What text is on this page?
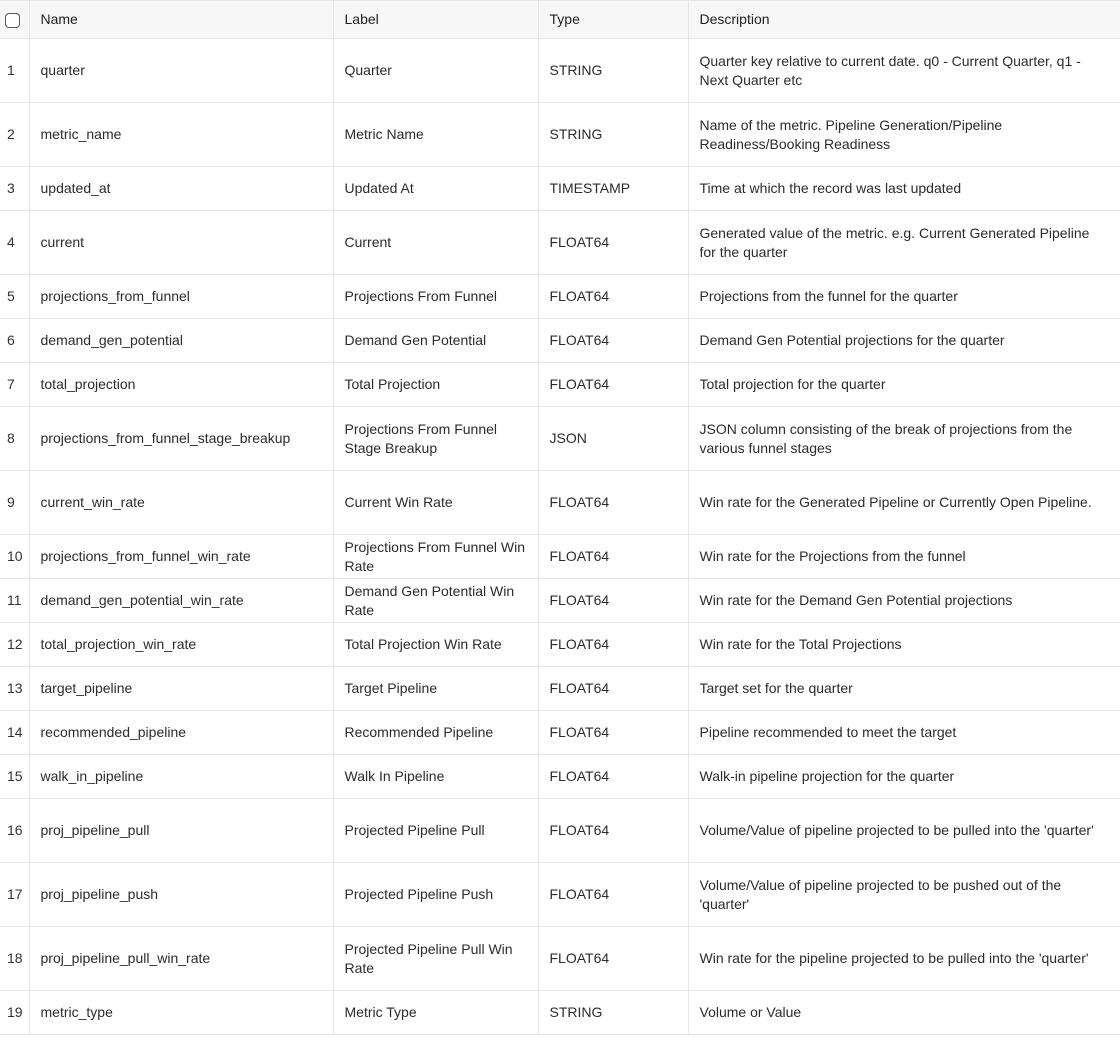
	Name	Label	Type	Description
1	quarter	Quarter	STRING	Quarter key relative to current date. q0 - Current Quarter, q1 - Next Quarter etc
2	metric_name	Metric Name	STRING	Name of the metric. Pipeline Generation/Pipeline Readiness/Booking Readiness
3	updated_at	Updated At	TIMESTAMP	Time at which the record was last updated
4	current	Current	FLOAT64	Generated value of the metric. e.g. Current Generated Pipeline for the quarter
5	projections_from_funnel	Projections From Funnel	FLOAT64	Projections from the funnel for the quarter
6	demand_gen_potential	Demand Gen Potential	FLOAT64	Demand Gen Potential projections for the quarter
7	total_projection	Total Projection	FLOAT64	Total projection for the quarter
8	projections_from_funnel_stage_breakup	Projections From Funnel Stage Breakup	JSON	JSON column consisting of the break of projections from the various funnel stages
9	current_win_rate	Current Win Rate	FLOAT64	Win rate for the Generated Pipeline or Currently Open Pipeline.
10	projections_from_funnel_win_rate	Projections From Funnel Win Rate	FLOAT64	Win rate for the Projections from the funnel
11	demand_gen_potential_win_rate	Demand Gen Potential Win Rate	FLOAT64	Win rate for the Demand Gen Potential projections
12	total_projection_win_rate	Total Projection Win Rate	FLOAT64	Win rate for the Total Projections
13	target_pipeline	Target Pipeline	FLOAT64	Target set for the quarter
14	recommended_pipeline	Recommended Pipeline	FLOAT64	Pipeline recommended to meet the target
15	walk_in_pipeline	Walk In Pipeline	FLOAT64	Walk-in pipeline projection for the quarter
16	proj_pipeline_pull	Projected Pipeline Pull	FLOAT64	Volume/Value of pipeline projected to be pulled into the 'quarter'
17	proj_pipeline_push	Projected Pipeline Push	FLOAT64	Volume/Value of pipeline projected to be pushed out of the 'quarter'
18	proj_pipeline_pull_win_rate	Projected Pipeline Pull Win Rate	FLOAT64	Win rate for the pipeline projected to be pulled into the 'quarter'
19	metric_type	Metric Type	STRING	Volume or Value
